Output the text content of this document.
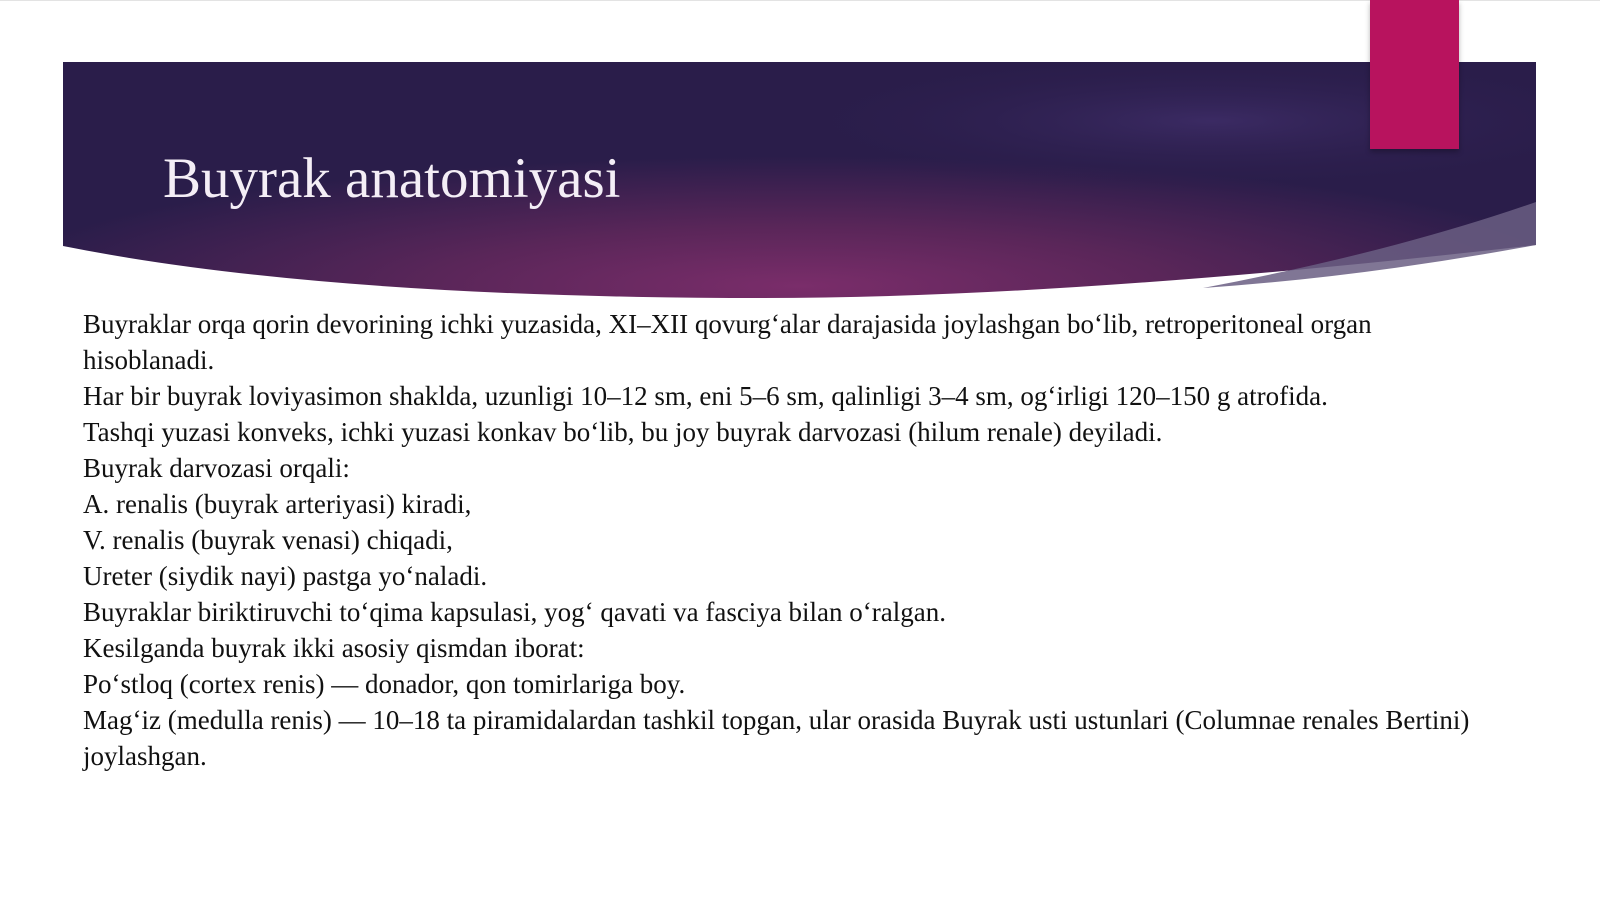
Buyrak anatomiyasi

Buyraklar orqa qorin devorining ichki yuzasida, XI–XII qovurg‘alar darajasida joylashgan bo‘lib, retroperitoneal organ hisoblanadi.

Har bir buyrak loviyasimon shaklda, uzunligi 10–12 sm, eni 5–6 sm, qalinligi 3–4 sm, og‘irligi 120–150 g atrofida.

Tashqi yuzasi konveks, ichki yuzasi konkav bo‘lib, bu joy buyrak darvozasi (hilum renale) deyiladi.

Buyrak darvozasi orqali:

A. renalis (buyrak arteriyasi) kiradi,

V. renalis (buyrak venasi) chiqadi,

Ureter (siydik nayi) pastga yo‘naladi.

Buyraklar biriktiruvchi to‘qima kapsulasi, yog‘ qavati va fasciya bilan o‘ralgan.

Kesilganda buyrak ikki asosiy qismdan iborat:

Po‘stloq (cortex renis) — donador, qon tomirlariga boy.

Mag‘iz (medulla renis) — 10–18 ta piramidalardan tashkil topgan, ular orasida Buyrak usti ustunlari (Columnae renales Bertini) joylashgan.
